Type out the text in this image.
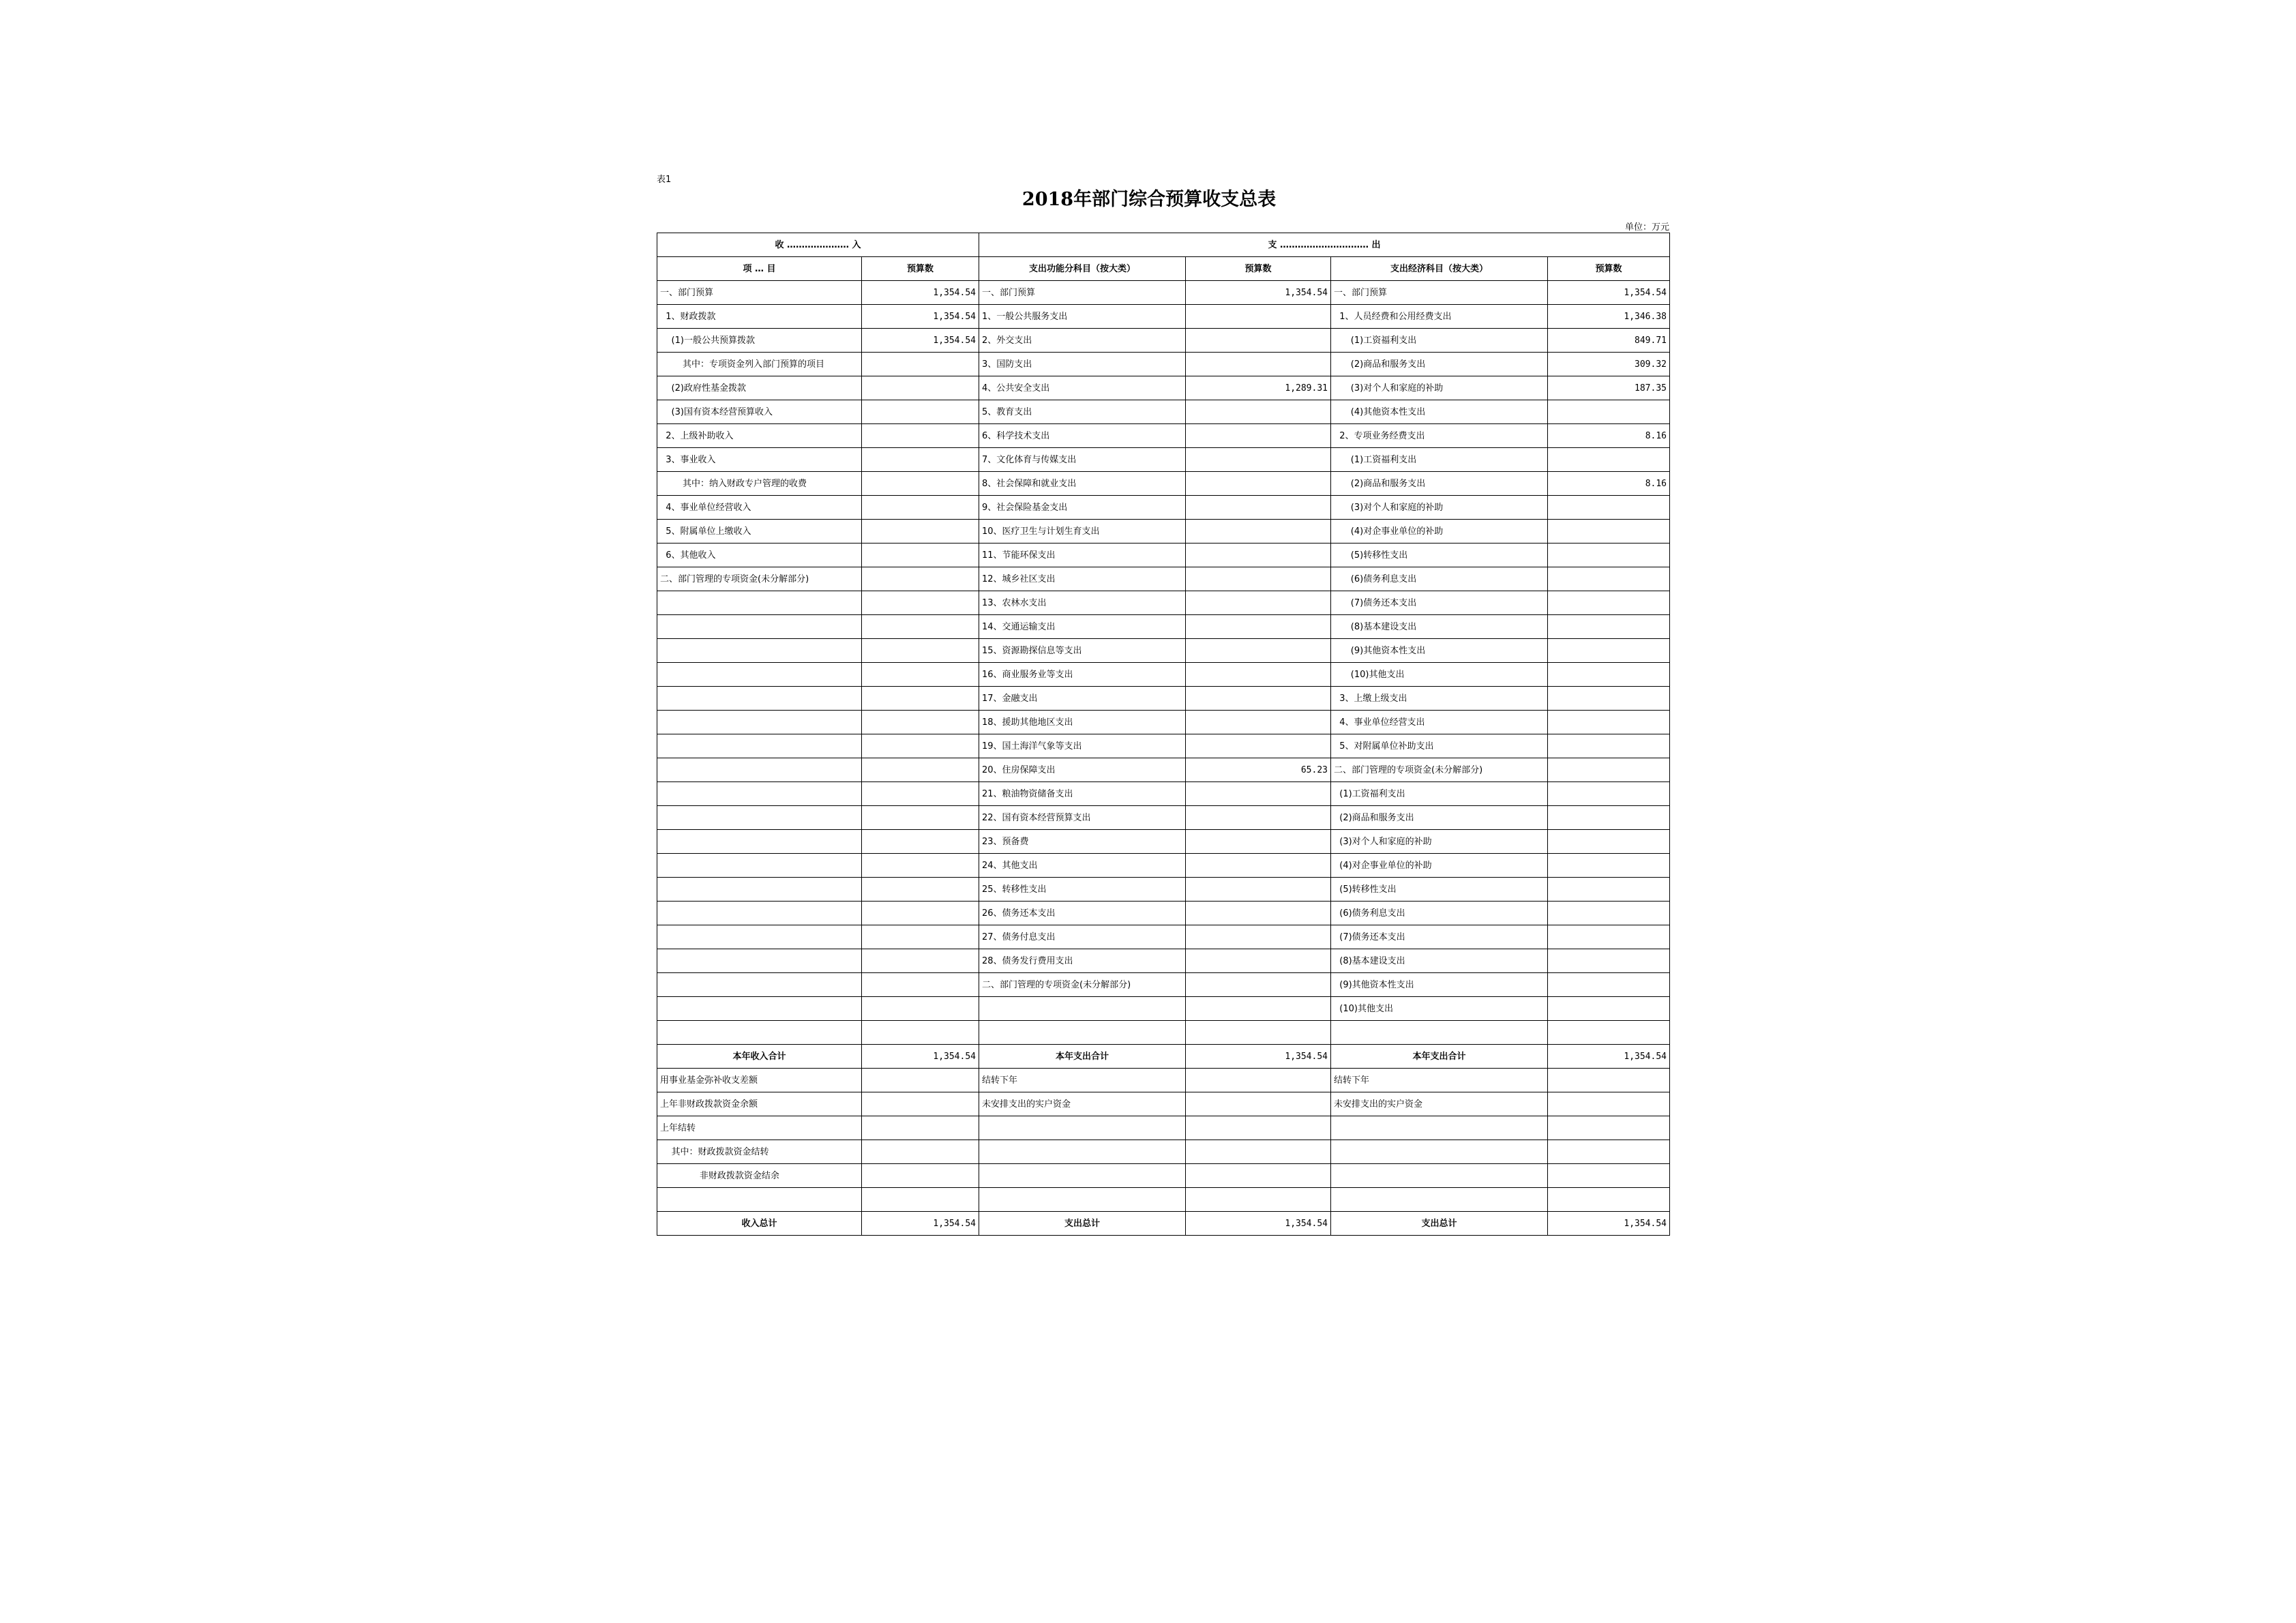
表1
2018年部门综合预算收支总表
单位：万元
收 ………………… 入		支 ………………………… 出			
项 … 目	预算数	支出功能分科目（按大类）	预算数	支出经济科目（按大类）	预算数
一、部门预算	1,354.54	一、部门预算	1,354.54	一、部门预算	1,354.54
1、财政拨款	1,354.54	1、一般公共服务支出		1、人员经费和公用经费支出	1,346.38
(1)一般公共预算拨款	1,354.54	2、外交支出		(1)工资福利支出	849.71
其中：专项资金列入部门预算的项目		3、国防支出		(2)商品和服务支出	309.32
(2)政府性基金拨款		4、公共安全支出	1,289.31	(3)对个人和家庭的补助	187.35
(3)国有资本经营预算收入		5、教育支出		(4)其他资本性支出	
2、上级补助收入		6、科学技术支出		2、专项业务经费支出	8.16
3、事业收入		7、文化体育与传媒支出		(1)工资福利支出	
其中：纳入财政专户管理的收费		8、社会保障和就业支出		(2)商品和服务支出	8.16
4、事业单位经营收入		9、社会保险基金支出		(3)对个人和家庭的补助	
5、附属单位上缴收入		10、医疗卫生与计划生育支出		(4)对企事业单位的补助	
6、其他收入		11、节能环保支出		(5)转移性支出	
二、部门管理的专项资金(未分解部分)		12、城乡社区支出		(6)债务利息支出	
		13、农林水支出		(7)债务还本支出	
		14、交通运输支出		(8)基本建设支出	
		15、资源勘探信息等支出		(9)其他资本性支出	
		16、商业服务业等支出		(10)其他支出	
		17、金融支出		3、上缴上级支出	
		18、援助其他地区支出		4、事业单位经营支出	
		19、国土海洋气象等支出		5、对附属单位补助支出	
		20、住房保障支出	65.23	二、部门管理的专项资金(未分解部分)	
		21、粮油物资储备支出		(1)工资福利支出	
		22、国有资本经营预算支出		(2)商品和服务支出	
		23、预备费		(3)对个人和家庭的补助	
		24、其他支出		(4)对企事业单位的补助	
		25、转移性支出		(5)转移性支出	
		26、债务还本支出		(6)债务利息支出	
		27、债务付息支出		(7)债务还本支出	
		28、债务发行费用支出		(8)基本建设支出	
		二、部门管理的专项资金(未分解部分)		(9)其他资本性支出	
				(10)其他支出	

本年收入合计	1,354.54	本年支出合计	1,354.54	本年支出合计	1,354.54
用事业基金弥补收支差额		结转下年		结转下年	
上年非财政拨款资金余额		未安排支出的实户资金		未安排支出的实户资金	
上年结转					
其中：财政拨款资金结转					
非财政拨款资金结余					

收入总计	1,354.54	支出总计	1,354.54	支出总计	1,354.54
